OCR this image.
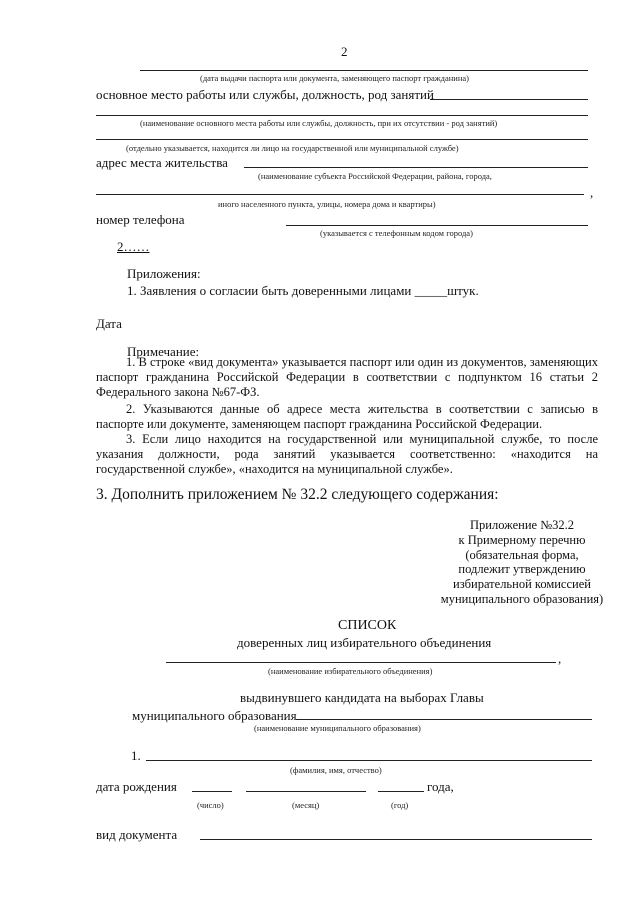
2
(дата выдачи паспорта или документа, заменяющего паспорт гражданина)
основное место работы или службы, должность, род занятий
(наименование основного места работы или службы, должность, при их отсутствии - род занятий)
(отдельно указывается, находится ли лицо на государственной или муниципальной службе)
адрес места жительства
(наименование субъекта Российской Федерации, района, города,
,
иного населенного пункта, улицы, номера дома и квартиры)
номер телефона
(указывается с телефонным кодом города)
2……
Приложения:
1. Заявления о согласии быть доверенными лицами _____штук.
Дата
Примечание:
1. В строке «вид документа» указывается паспорт или один из документов, заменяющих паспорт гражданина Российской Федерации в соответствии с подпунктом 16 статьи 2 Федерального закона №67-ФЗ.
2. Указываются данные об адресе места жительства в соответствии с записью в паспорте или документе, заменяющем паспорт гражданина Российской Федерации.
3. Если лицо находится на государственной или муниципальной службе, то после указания должности, рода занятий указывается соответственно: «находится на государственной службе», «находится на муниципальной службе».
3. Дополнить приложением № 32.2 следующего содержания:
Приложение №32.2
к Примерному перечню
(обязательная форма,
подлежит утверждению
избирательной комиссией
муниципального образования)
СПИСОК
доверенных лиц избирательного объединения
,
(наименование избирательного объединения)
выдвинувшего кандидата на выборах Главы
муниципального образования
(наименование муниципального образования)
1.
(фамилия, имя, отчество)
дата рождения	года,
(число)	(месяц)	(год)
вид документа
